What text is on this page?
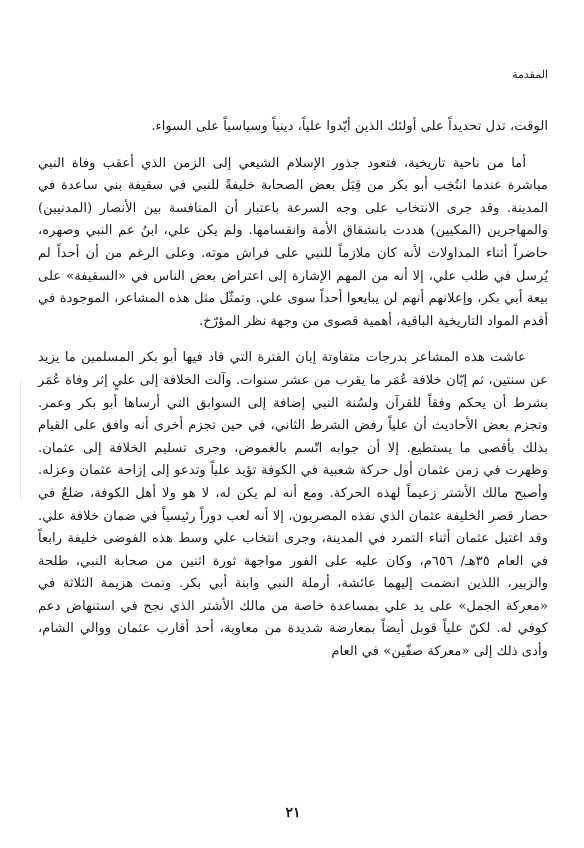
المقدمة

الوقت، تدل تحديداً على أولئك الذين أيّدوا علياً، دينياً وسياسياً على السواء.

أما من ناحية تاريخية، فتعود جذور الإسلام الشيعي إلى الزمن الذي أعقب وفاة النبي مباشرة عندما انتُخِب أبو بكر من قِبَل بعض الصحابة خليفةً للنبي في سقيفة بني ساعدة في المدينة. وقد جرى الانتخاب على وجه السرعة باعتبار أن المنافسة بين الأنصار (المدنيين) والمهاجرين (المكيين) هددت بانشقاق الأمة وانقسامها. ولم يكن علي، ابنُ عم النبي وصهره، حاضراً أثناء المداولات لأنه كان ملازماً للنبي على فراش موته. وعلى الرغم من أن أحداً لم يُرسل في طلب علي، إلا أنه من المهم الإشارة إلى اعتراض بعض الناس في «السقيفة» على بيعة أبي بكر، وإعلانهم أنهم لن يبايعوا أحداً سوى علي. وتمثّل مثل هذه المشاعر، الموجودة في أقدم المواد التاريخية الباقية، أهمية قصوى من وجهة نظر المؤرّخ.

عاشت هذه المشاعر بدرجات متفاوتة إبان الفترة التي قاد فيها أبو بكر المسلمين ما يزيد عن سنتين، ثم إبّان خلافة عُمَر ما يقرب من عشر سنوات. وآلت الخلافة إلى عليٍ إثر وفاة عُمَر بشرط أن يحكم وفقاً للقرآن ولسُنة النبي إضافة إلى السوابق التي أرساها أبو بكر وعمر. وتجزم بعض الأحاديث أن علياً رفض الشرط الثاني، في حين تجزم أخرى أنه وافق على القيام بذلك بأقصى ما يستطيع. إلا أن جوابه اتّسم بالغموض، وجرى تسليم الخلافة إلى عثمان. وظهرت في زمن عثمان أول حركة شعبية في الكوفة تؤيد علياً وتدعو إلى إزاحة عثمان وعزله. وأصبح مالك الأشتر زعيماً لهذه الحركة. ومع أنه لم يكن له، لا هو ولا أهل الكوفة، ضلعٌ في حصار قصر الخليفة عثمان الذي نفذه المصريون، إلا أنه لعب دوراً رئيسياً في ضمان خلافة علي. وقد اغتيل عثمان أثناء التمرد في المدينة، وجرى انتخاب علي وسط هذه الفوضى خليفة رابعاً في العام ٣٥هـ/ ٦٥٦م، وكان عليه على الفور مواجهة ثورة اثنين من صحابة النبي، طلحة والزبير، اللذين انضمت إليهما عائشة، أرملة النبي وابنة أبي بكر. وتمت هزيمة الثلاثة في «معركة الجمل» على يد علي بمساعدة خاصة من مالك الأشتر الذي نجح في استنهاض دعم كوفي له. لكنّ علياً قوبل أيضاً بمعارضة شديدة من معاوية، أحد أقارب عثمان ووالي الشام، وأدى ذلك إلى «معركة صفّين» في العام

٢١
